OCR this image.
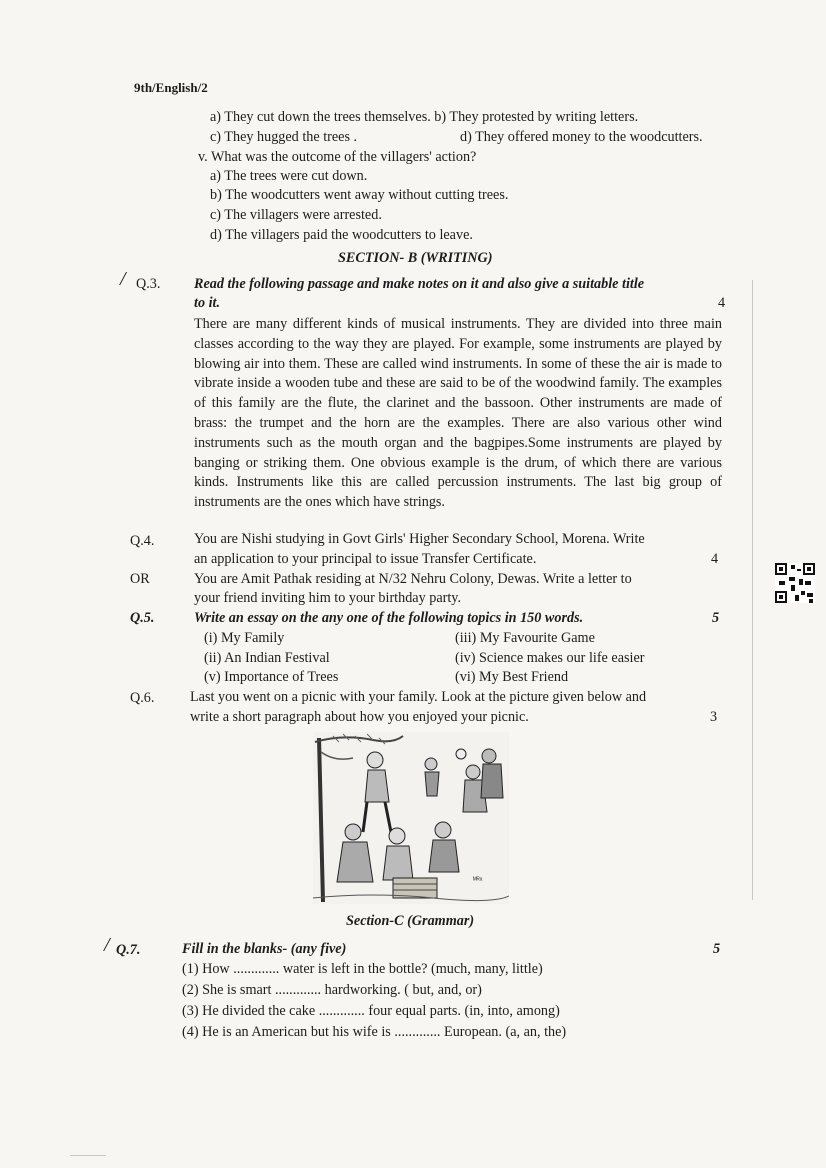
9th/English/2
a) They cut down the trees themselves. b) They protested by writing letters.
c) They hugged the trees .	d) They offered money to the woodcutters.
v. What was the outcome of the villagers' action?
a) The trees were cut down.
b) The woodcutters went away without cutting trees.
c) The villagers were arrested.
d) The villagers paid the woodcutters to leave.
SECTION- B (WRITING)
/ Q.3. Read the following passage and make notes on it and also give a suitable title
to it.	4
There are many different kinds of musical instruments. They are divided into three main classes according to the way they are played. For example, some instruments are played by blowing air into them. These are called wind instruments. In some of these the air is made to vibrate inside a wooden tube and these are said to be of the woodwind family. The examples of this family are the flute, the clarinet and the bassoon. Other instruments are made of brass: the trumpet and the horn are the examples. There are also various other wind instruments such as the mouth organ and the bagpipes.Some instruments are played by banging or striking them. One obvious example is the drum, of which there are various kinds. Instruments like this are called percussion instruments. The last big group of instruments are the ones which have strings.
Q.4.	You are Nishi studying in Govt Girls' Higher Secondary School, Morena. Write
an application to your principal to issue Transfer Certificate.	4
OR	You are Amit Pathak residing at N/32 Nehru Colony, Dewas. Write a letter to
your friend inviting him to your birthday party.
Q.5.	Write an essay on the any one of the following topics in 150 words.	5
(i) My Family	(iii) My Favourite Game
(ii) An Indian Festival	(iv) Science makes our life easier
(v) Importance of Trees	(vi) My Best Friend
Q.6.	Last you went on a picnic with your family. Look at the picture given below and
write a short paragraph about how you enjoyed your picnic.	3
ᴹᴿᵃ
Section-C (Grammar)
/ Q.7.	Fill in the blanks- (any five)	5
(1) How ............. water is left in the bottle? (much, many, little)
(2) She is smart ............. hardworking. ( but, and, or)
(3) He divided the cake ............. four equal parts. (in, into, among)
(4) He is an American but his wife is ............. European. (a, an, the)
